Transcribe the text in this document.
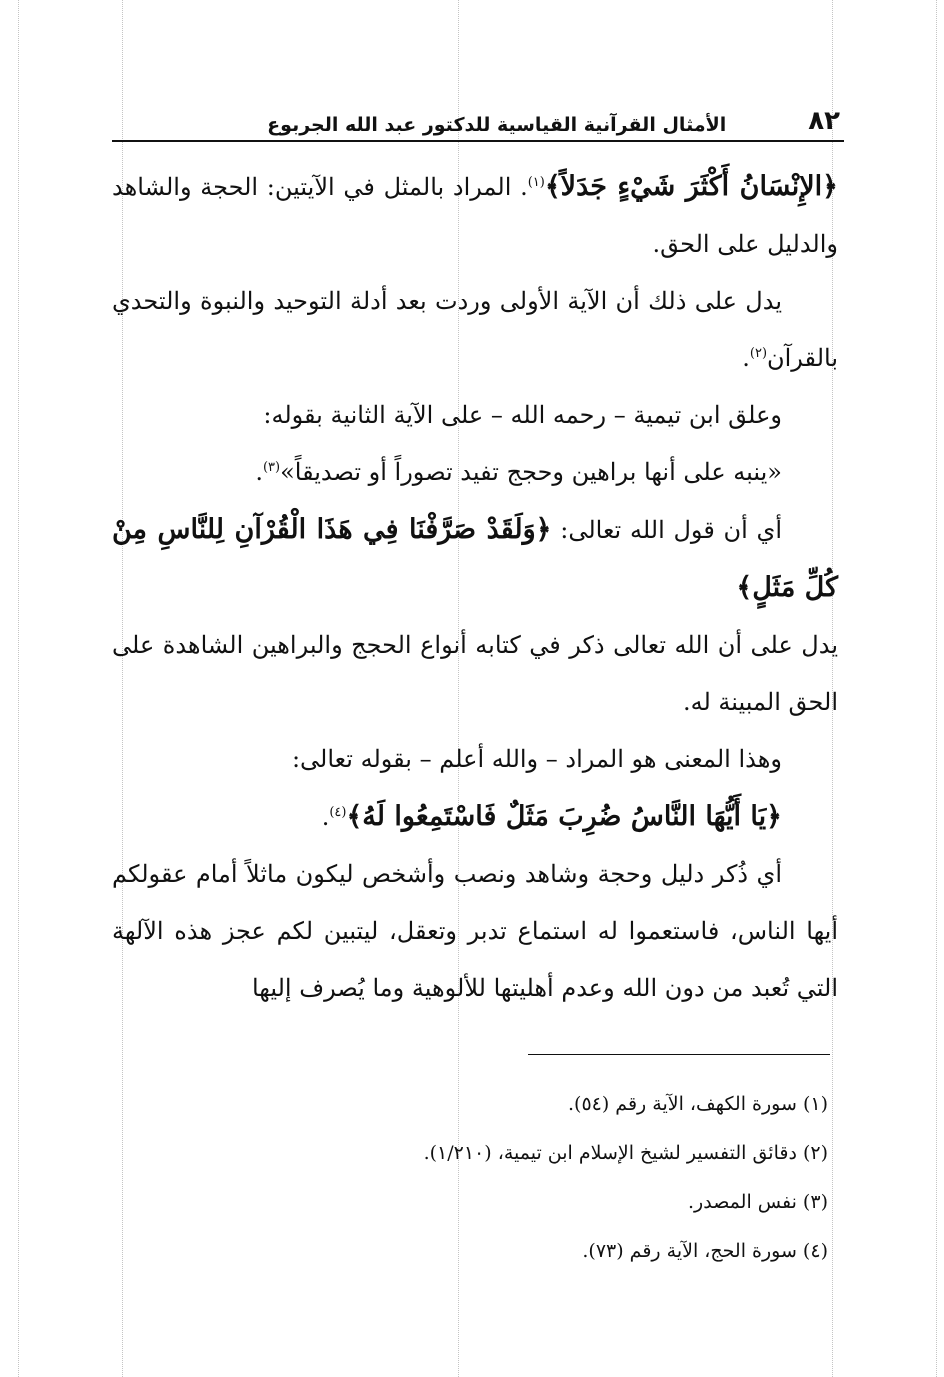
٨٢
الأمثال القرآنية القياسية للدكتور عبد الله الجربوع

﴿الإِنْسَانُ أَكْثَرَ شَيْءٍ جَدَلاً﴾$^{(١)}$. المراد بالمثل في الآيتين: الحجة والشاهد والدليل على الحق.

يدل على ذلك أن الآية الأولى وردت بعد أدلة التوحيد والنبوة والتحدي بالقرآن$^{(٢)}$.

وعلق ابن تيمية – رحمه الله – على الآية الثانية بقوله:

«ينبه على أنها براهين وحجج تفيد تصوراً أو تصديقاً»$^{(٣)}$.

أي أن قول الله تعالى: ﴿وَلَقَدْ صَرَّفْنَا فِي هَذَا الْقُرْآنِ لِلنَّاسِ مِنْ كُلِّ مَثَلٍ﴾

يدل على أن الله تعالى ذكر في كتابه أنواع الحجج والبراهين الشاهدة على الحق المبينة له.

وهذا المعنى هو المراد – والله أعلم – بقوله تعالى:

﴿يَا أَيُّهَا النَّاسُ ضُرِبَ مَثَلٌ فَاسْتَمِعُوا لَهُ﴾$^{(٤)}$.

أي ذُكر دليل وحجة وشاهد ونصب وأشخص ليكون ماثلاً أمام عقولكم أيها الناس، فاستعموا له استماع تدبر وتعقل، ليتبين لكم عجز هذه الآلهة التي تُعبد من دون الله وعدم أهليتها للألوهية وما يُصرف إليها

(١) سورة الكهف، الآية رقم (٥٤).

(٢) دقائق التفسير لشيخ الإسلام ابن تيمية، (١/٢١٠).

(٣) نفس المصدر.

(٤) سورة الحج، الآية رقم (٧٣).
